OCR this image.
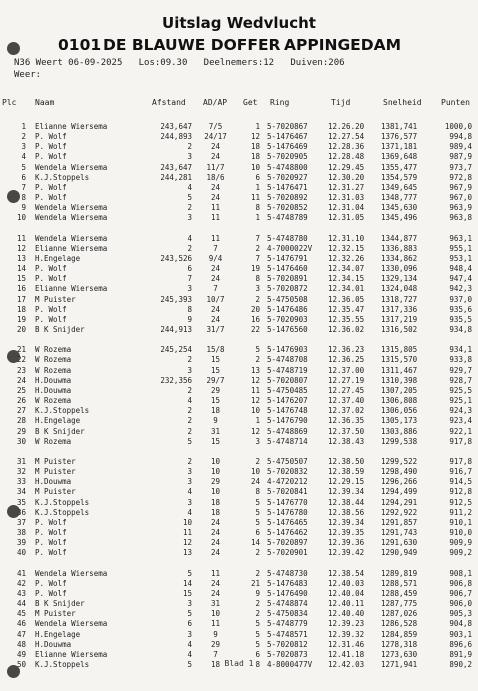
Uitslag Wedvlucht
0101 DE BLAUWE DOFFER APPINGEDAM
N36 Weert 06-09-2025   Los:09.30   Deelnemers:12   Duiven:206
Weer:
Plc Naam	Afstand AD/AP Get Ring	Tijd	Snelheid Punten
1 Elianne Wiersema	243,647	7/5	1 5-7020867	12.26.20 1381,741	1000,0
2 P. Wolf	244,893	24/17	12 5-1476467	12.27.54 1376,577	994,8
3 P. Wolf	2	24	18 5-1476469	12.28.36 1371,181	989,4
4 P. Wolf	3	24	18 5-7020905	12.28.48 1369,648	987,9
5 Wendela Wiersema	243,647	11/7	10 5-4748800	12.29.45 1355,477	973,7
6 K.J.Stoppels	244,281	18/6	6 5-7020927	12.30.20 1354,579	972,8
7 P. Wolf	4	24	1 5-1476471	12.31.27 1349,645	967,9
8 P. Wolf	5	24	11 5-7020892	12.31.03 1348,777	967,0
9 Wendela Wiersema	2	11	8 5-7020852	12.31.04 1345,630	963,9
10 Wendela Wiersema	3	11	1 5-4748789	12.31.05 1345,496	963,8
11 Wendela Wiersema	4	11	7 5-4748780	12.31.10 1344,877	963,1
12 Elianne Wiersema	2	7	2 4-7000022V 12.32.15 1336,883	955,1
13 H.Engelage	243,526	9/4	7 5-1476791	12.32.26 1334,862	953,1
14 P. Wolf	6	24	19 5-1476460	12.34.07 1330,096	948,4
15 P. Wolf	7	24	8 5-7020891	12.34.15 1329,134	947,4
16 Elianne Wiersema	3	7	3 5-7020872	12.34.01 1324,048	942,3
17 M Puister	245,393	10/7	2 5-4750508	12.36.05 1318,727	937,0
18 P. Wolf	8	24	20 5-1476486	12.35.47 1317,336	935,6
19 P. Wolf	9	24	16 5-7020903	12.35.55 1317,219	935,5
20 B K Snijder	244,913	31/7	22 5-1476560	12.36.02 1316,502	934,8
21 W Rozema	245,254	15/8	5 5-1476903	12.36.23 1315,805	934,1
22 W Rozema	2	15	2 5-4748708	12.36.25 1315,570	933,8
23 W Rozema	3	15	13 5-4748719	12.37.00 1311,467	929,7
24 H.Douwma	232,356	29/7	12 5-7020807	12.27.19 1310,398	928,7
25 H.Douwma	2	29	11 5-4750485	12.27.45 1307,205	925,5
26 W Rozema	4	15	12 5-1476207	12.37.40 1306,808	925,1
27 K.J.Stoppels	2	18	10 5-1476748	12.37.02 1306,056	924,3
28 H.Engelage	2	9	1 5-1476790	12.36.35 1305,173	923,4
29 B K Snijder	2	31	12 5-4748869	12.37.50 1303,886	922,1
30 W Rozema	5	15	3 5-4748714	12.38.43 1299,538	917,8
31 M Puister	2	10	2 5-4750507	12.38.50 1299,522	917,8
32 M Puister	3	10	10 5-7020832	12.38.59 1298,490	916,7
33 H.Douwma	3	29	24 4-4720212	12.29.15 1296,266	914,5
34 M Puister	4	10	8 5-7020841	12.39.34 1294,499	912,8
35 K.J.Stoppels	3	18	5 5-1476770	12.38.44 1294,291	912,5
36 K.J.Stoppels	4	18	5 5-1476780	12.38.56 1292,922	911,2
37 P. Wolf	10	24	5 5-1476465	12.39.34 1291,857	910,1
38 P. Wolf	11	24	6 5-1476462	12.39.35 1291,743	910,0
39 P. Wolf	12	24	14 5-7020897	12.39.36 1291,630	909,9
40 P. Wolf	13	24	2 5-7020901	12.39.42 1290,949	909,2
41 Wendela Wiersema	5	11	2 5-4748730	12.38.54 1289,819	908,1
42 P. Wolf	14	24	21 5-1476483	12.40.03 1288,571	906,8
43 P. Wolf	15	24	9 5-1476490	12.40.04 1288,459	906,7
44 B K Snijder	3	31	2 5-4748874	12.40.11 1287,775	906,0
45 M Puister	5	10	2 5-4750834	12.40.40 1287,026	905,3
46 Wendela Wiersema	6	11	5 5-4748779	12.39.23 1286,528	904,8
47 H.Engelage	3	9	5 5-4748571	12.39.32 1284,859	903,1
48 H.Douwma	4	29	5 5-7020812	12.31.46 1278,318	896,6
49 Elianne Wiersema	4	7	6 5-7020873	12.41.18 1273,630	891,9
50 K.J.Stoppels	5	18	8 4-8000477V 12.42.03 1271,941	890,2
Blad 1
